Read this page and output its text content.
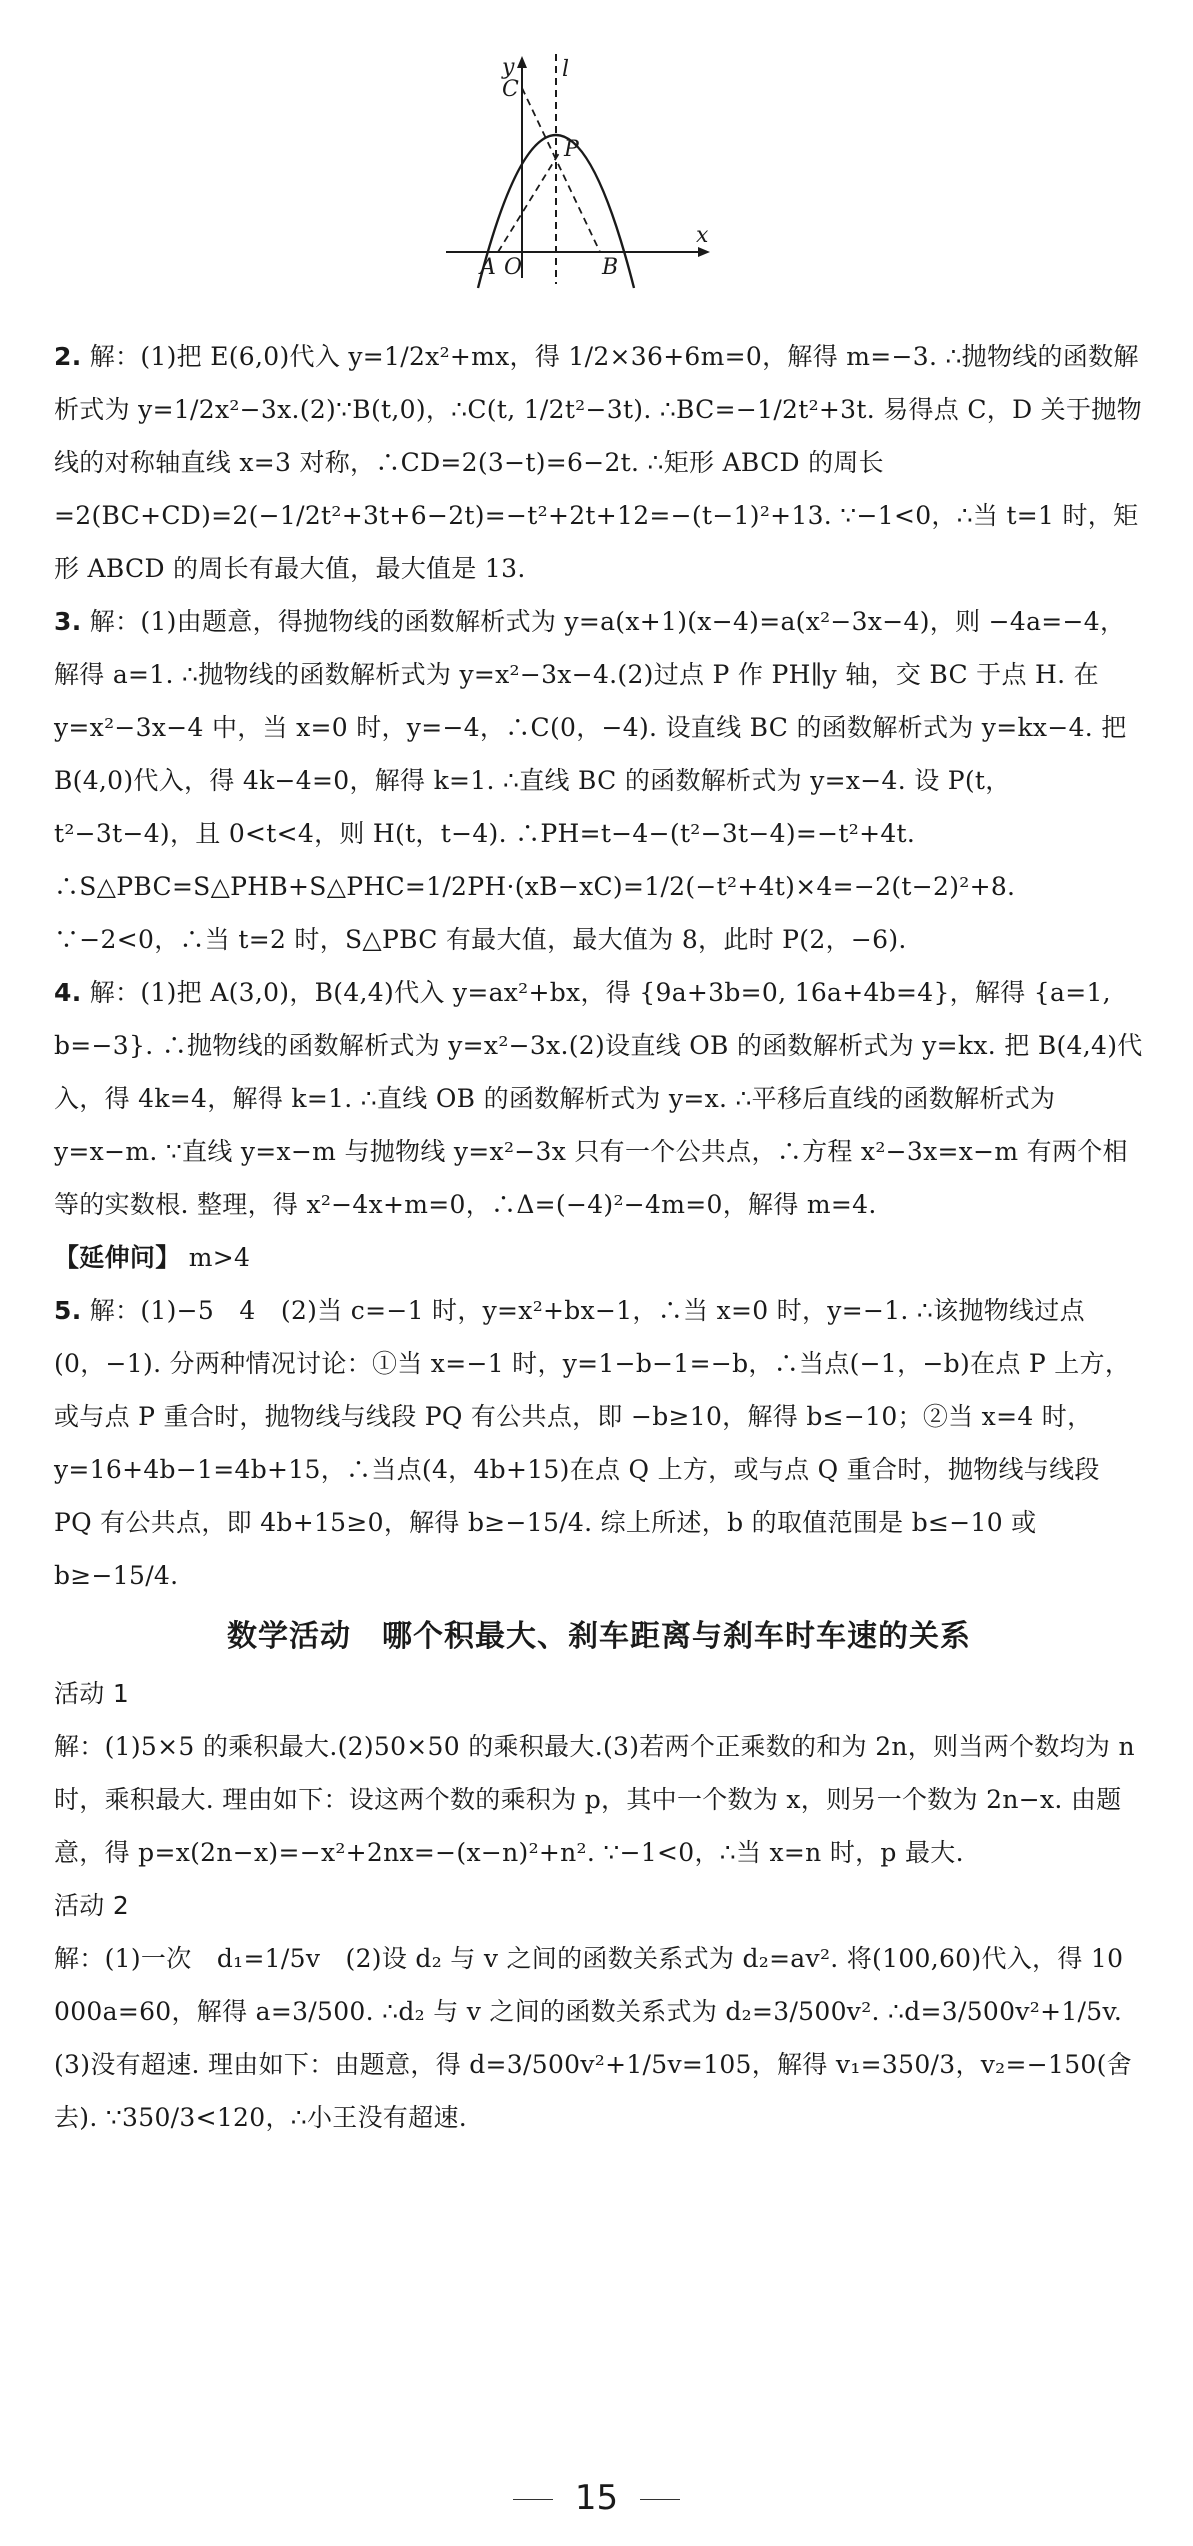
y l
C
P
A O	B
x

2. 解：(1)把 E(6,0)代入 y=1/2x²+mx，得 1/2×36+6m=0，解得 m=−3. ∴抛物线的函数解析式为 y=1/2x²−3x.(2)∵B(t,0)，∴C(t, 1/2t²−3t). ∴BC=−1/2t²+3t. 易得点 C，D 关于抛物线的对称轴直线 x=3 对称，∴CD=2(3−t)=6−2t. ∴矩形 ABCD 的周长=2(BC+CD)=2(−1/2t²+3t+6−2t)=−t²+2t+12=−(t−1)²+13. ∵−1<0，∴当 t=1 时，矩形 ABCD 的周长有最大值，最大值是 13.

3. 解：(1)由题意，得抛物线的函数解析式为 y=a(x+1)(x−4)=a(x²−3x−4)，则 −4a=−4，解得 a=1. ∴抛物线的函数解析式为 y=x²−3x−4.(2)过点 P 作 PH∥y 轴，交 BC 于点 H. 在 y=x²−3x−4 中，当 x=0 时，y=−4，∴C(0，−4). 设直线 BC 的函数解析式为 y=kx−4. 把 B(4,0)代入，得 4k−4=0，解得 k=1. ∴直线 BC 的函数解析式为 y=x−4. 设 P(t，t²−3t−4)，且 0<t<4，则 H(t，t−4). ∴PH=t−4−(t²−3t−4)=−t²+4t. ∴S△PBC=S△PHB+S△PHC=1/2PH·(xB−xC)=1/2(−t²+4t)×4=−2(t−2)²+8. ∵−2<0，∴当 t=2 时，S△PBC 有最大值，最大值为 8，此时 P(2，−6).

4. 解：(1)把 A(3,0)，B(4,4)代入 y=ax²+bx，得 {9a+3b=0, 16a+4b=4}，解得 {a=1, b=−3}. ∴抛物线的函数解析式为 y=x²−3x.(2)设直线 OB 的函数解析式为 y=kx. 把 B(4,4)代入，得 4k=4，解得 k=1. ∴直线 OB 的函数解析式为 y=x. ∴平移后直线的函数解析式为 y=x−m. ∵直线 y=x−m 与抛物线 y=x²−3x 只有一个公共点，∴方程 x²−3x=x−m 有两个相等的实数根. 整理，得 x²−4x+m=0，∴Δ=(−4)²−4m=0，解得 m=4.

【延伸问】 m>4

5. 解：(1)−5　4　(2)当 c=−1 时，y=x²+bx−1，∴当 x=0 时，y=−1. ∴该抛物线过点(0，−1). 分两种情况讨论：①当 x=−1 时，y=1−b−1=−b，∴当点(−1，−b)在点 P 上方，或与点 P 重合时，抛物线与线段 PQ 有公共点，即 −b≥10，解得 b≤−10；②当 x=4 时，y=16+4b−1=4b+15，∴当点(4，4b+15)在点 Q 上方，或与点 Q 重合时，抛物线与线段 PQ 有公共点，即 4b+15≥0，解得 b≥−15/4. 综上所述，b 的取值范围是 b≤−10 或 b≥−15/4.

数学活动　哪个积最大、刹车距离与刹车时车速的关系

活动 1

解：(1)5×5 的乘积最大.(2)50×50 的乘积最大.(3)若两个正乘数的和为 2n，则当两个数均为 n 时，乘积最大. 理由如下：设这两个数的乘积为 p，其中一个数为 x，则另一个数为 2n−x. 由题意，得 p=x(2n−x)=−x²+2nx=−(x−n)²+n². ∵−1<0，∴当 x=n 时，p 最大.

活动 2

解：(1)一次　d₁=1/5v　(2)设 d₂ 与 v 之间的函数关系式为 d₂=av². 将(100,60)代入，得 10 000a=60，解得 a=3/500. ∴d₂ 与 v 之间的函数关系式为 d₂=3/500v². ∴d=3/500v²+1/5v.(3)没有超速. 理由如下：由题意，得 d=3/500v²+1/5v=105，解得 v₁=350/3，v₂=−150(舍去). ∵350/3<120，∴小王没有超速.

15
